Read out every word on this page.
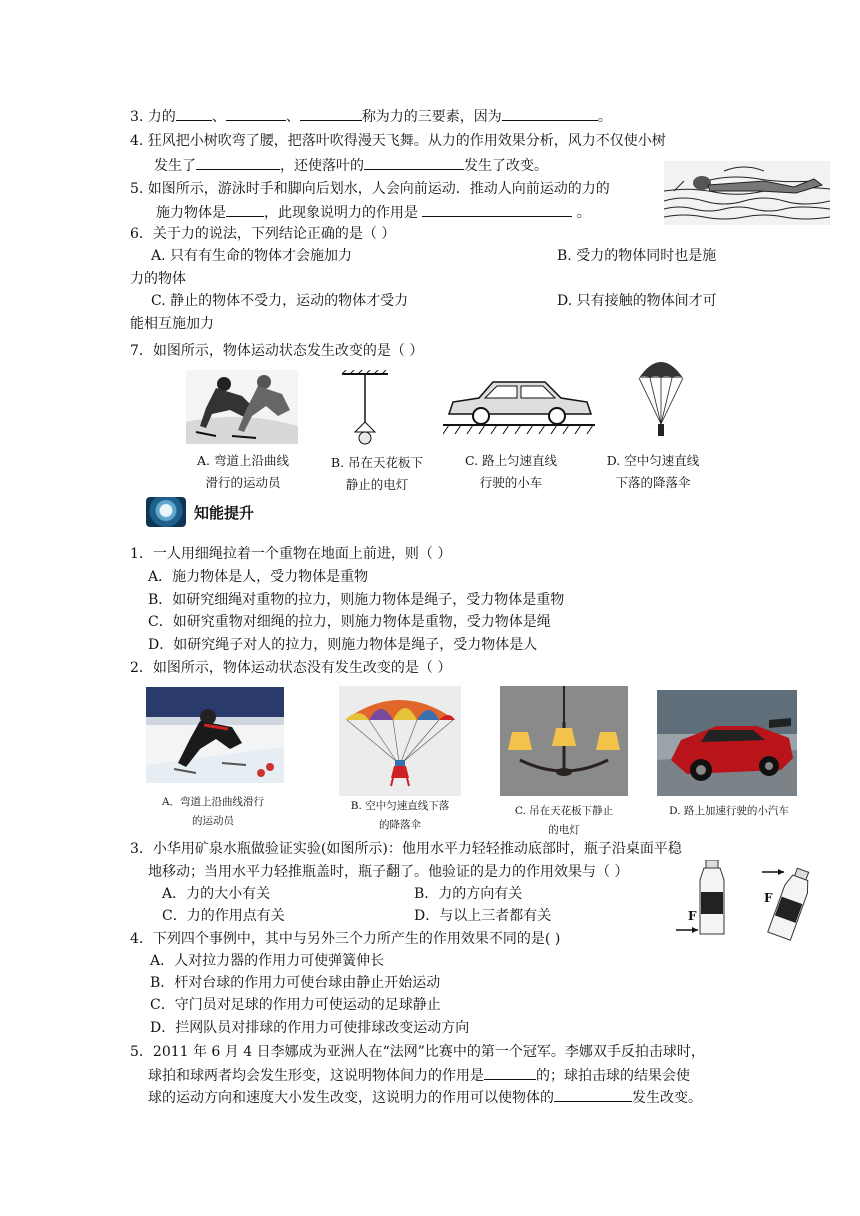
3. 力的	、	、	称为力的三要素，因为	。
4. 狂风把小树吹弯了腰，把落叶吹得漫天飞舞。从力的作用效果分析，风力不仅使小树
发生了	，还使落叶的	发生了改变。
5. 如图所示，游泳时手和脚向后划水，人会向前运动．推动人向前运动的力的
施力物体是	，此现象说明力的作用是	。
6．关于力的说法，下列结论正确的是（ ）
A. 只有有生命的物体才会施加力	B. 受力的物体同时也是施
力的物体
C. 静止的物体不受力，运动的物体才受力	D. 只有接触的物体间才可
能相互施加力
7．如图所示，物体运动状态发生改变的是（ ）
A. 弯道上沿曲线
滑行的运动员
B. 吊在天花板下
静止的电灯
C. 路上匀速直线
行驶的小车
D. 空中匀速直线
下落的降落伞
知能提升
1．一人用细绳拉着一个重物在地面上前进，则（ ）
A．施力物体是人，受力物体是重物
B．如研究细绳对重物的拉力，则施力物体是绳子，受力物体是重物
C．如研究重物对细绳的拉力，则施力物体是重物，受力物体是绳
D．如研究绳子对人的拉力，则施力物体是绳子，受力物体是人
2．如图所示，物体运动状态没有发生改变的是（ ）
A．弯道上沿曲线滑行
的运动员
B. 空中匀速直线下落
的降落伞
C. 吊在天花板下静止
的电灯
D. 路上加速行驶的小汽车
3．小华用矿泉水瓶做验证实验(如图所示)：他用水平力轻轻推动底部时，瓶子沿桌面平稳
地移动；当用水平力轻推瓶盖时，瓶子翻了。他验证的是力的作用效果与（ ）
A．力的大小有关	B．力的方向有关
C．力的作用点有关	D．与以上三者都有关	F
F
4．下列四个事例中，其中与另外三个力所产生的作用效果不同的是( )
A．人对拉力器的作用力可使弹簧伸长
B．杆对台球的作用力可使台球由静止开始运动
C．守门员对足球的作用力可使运动的足球静止
D．拦网队员对排球的作用力可使排球改变运动方向
5．2011 年 6 月 4 日李娜成为亚洲人在“法网”比赛中的第一个冠军。李娜双手反拍击球时，
球拍和球两者均会发生形变，这说明物体间力的作用是	的；球拍击球的结果会使
球的运动方向和速度大小发生改变，这说明力的作用可以使物体的	发生改变。
